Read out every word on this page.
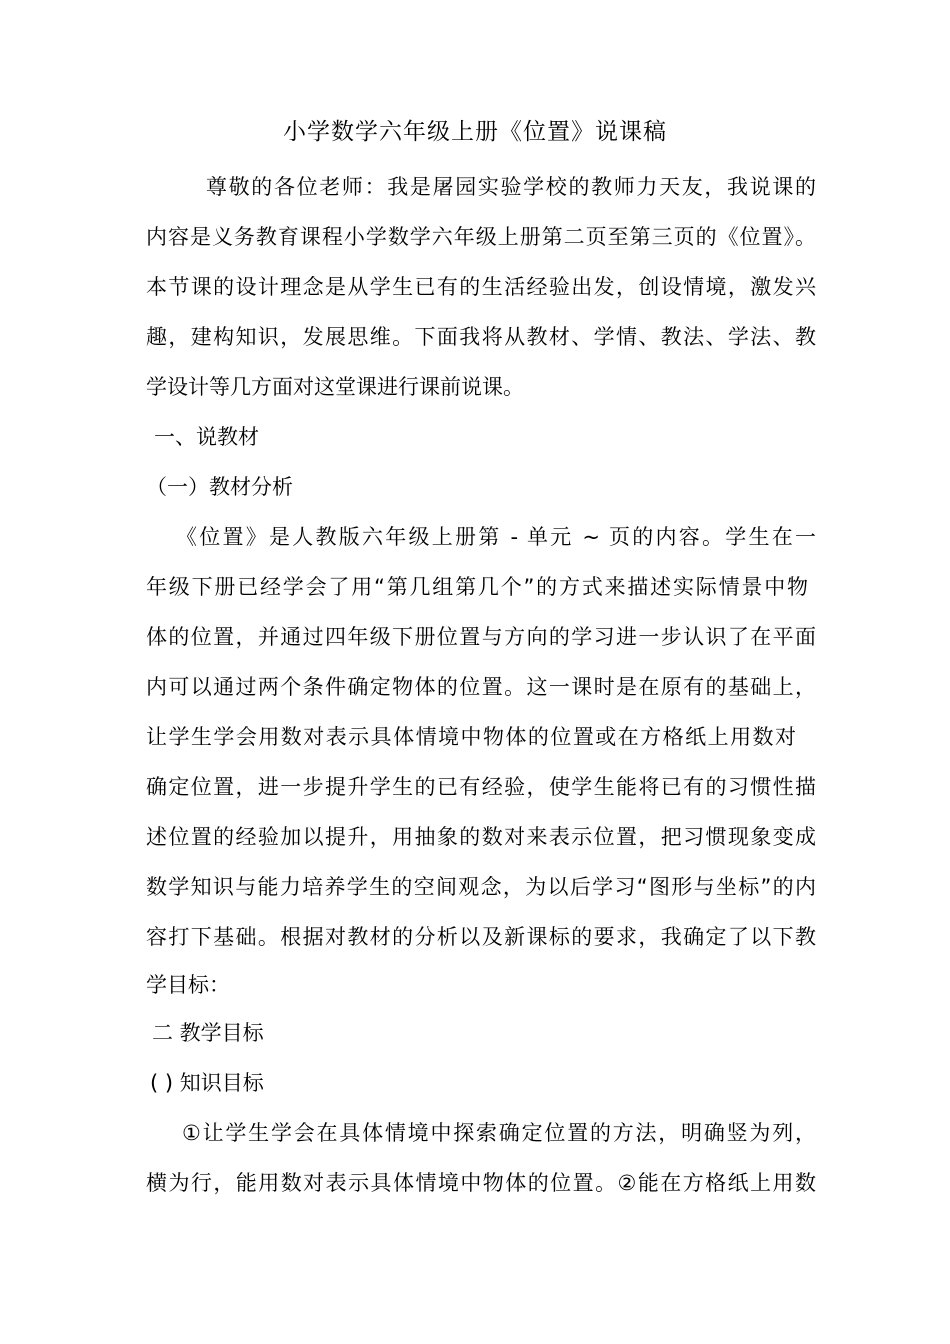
小学数学六年级上册《位置》说课稿
尊敬的各位老师：我是屠园实验学校的教师力天友，我说课的
内容是义务教育课程小学数学六年级上册第二页至第三页的《位置》。
本节课的设计理念是从学生已有的生活经验出发，创设情境，激发兴
趣，建构知识，发展思维。下面我将从教材、学情、教法、学法、教
学设计等几方面对这堂课进行课前说课。
一、说教材
（一）教材分析
《位置》是人教版六年级上册第 - 单元 ~ 页的内容。学生在一
年级下册已经学会了用“第几组第几个”的方式来描述实际情景中物
体的位置，并通过四年级下册位置与方向的学习进一步认识了在平面
内可以通过两个条件确定物体的位置。这一课时是在原有的基础上，
让学生学会用数对表示具体情境中物体的位置或在方格纸上用数对
确定位置，进一步提升学生的已有经验，使学生能将已有的习惯性描
述位置的经验加以提升，用抽象的数对来表示位置，把习惯现象变成
数学知识与能力培养学生的空间观念，为以后学习“图形与坐标”的内
容打下基础。根据对教材的分析以及新课标的要求，我确定了以下教
学目标：
二 教学目标
( ) 知识目标
①让学生学会在具体情境中探索确定位置的方法，明确竖为列，
横为行，能用数对表示具体情境中物体的位置。②能在方格纸上用数
